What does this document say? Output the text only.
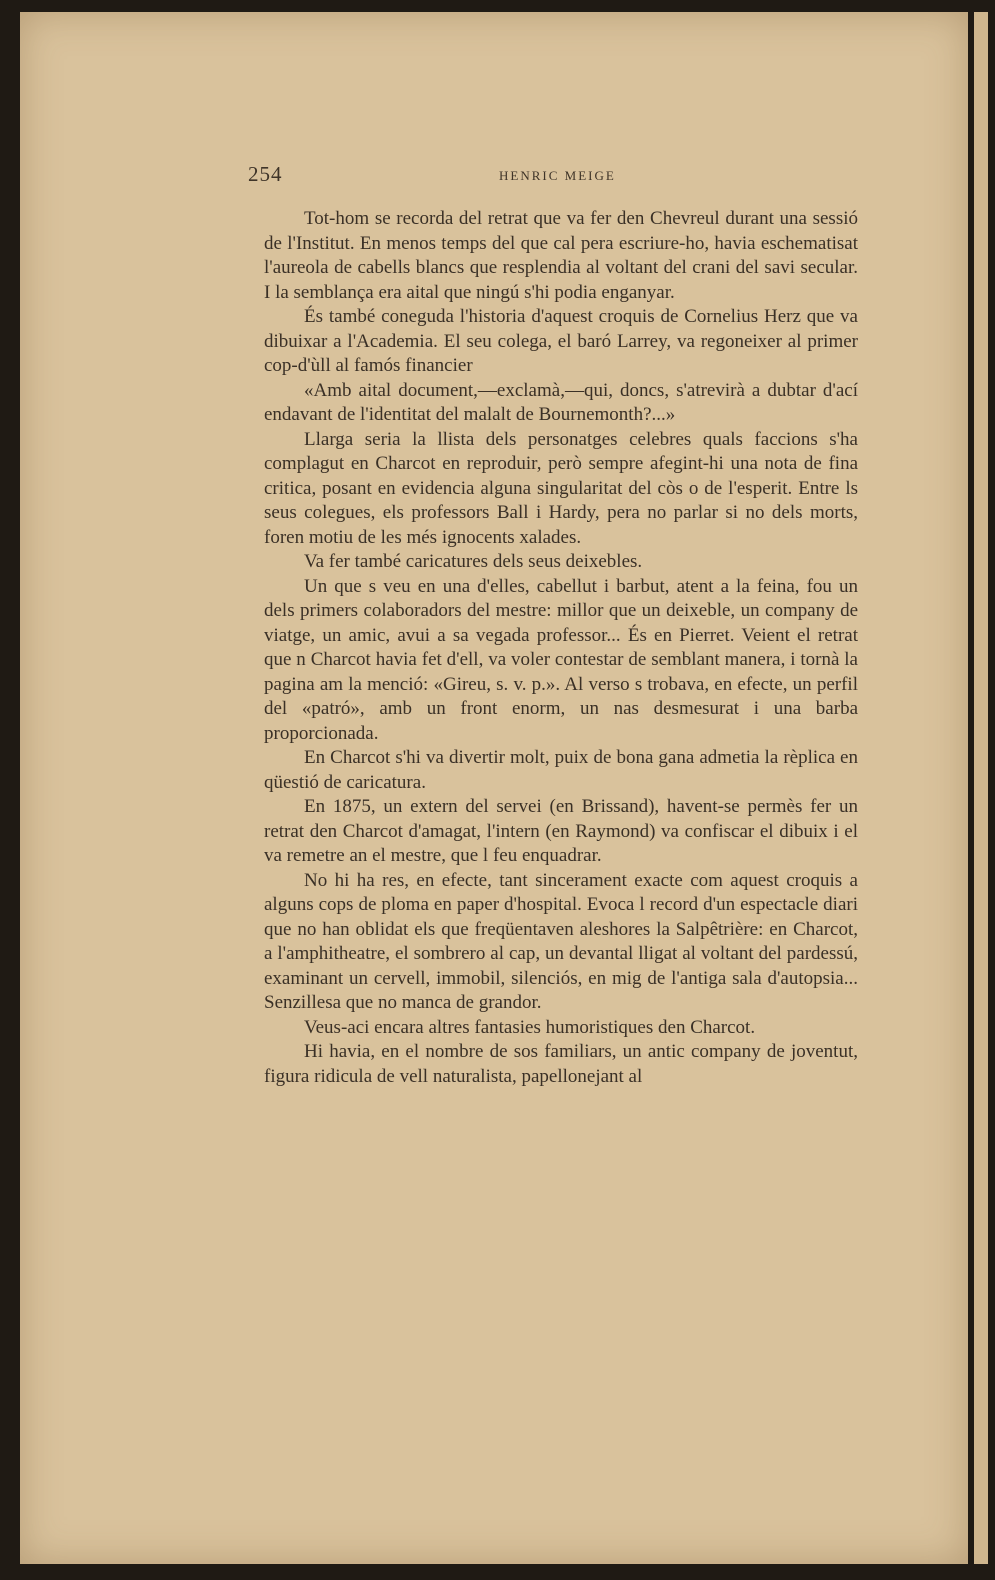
254	HENRIC MEIGE

Tot-hom se recorda del retrat que va fer den Chevreul durant una sessió de l'Institut. En menos temps del que cal pera escriure-ho, havia eschematisat l'aureola de cabells blancs que resplendia al voltant del crani del savi secular. I la semblança era aital que ningú s'hi podia enganyar.

És també coneguda l'historia d'aquest croquis de Cornelius Herz que va dibuixar a l'Academia. El seu colega, el baró Larrey, va regoneixer al primer cop-d'ùll al famós financier

«Amb aital document,—exclamà,—qui, doncs, s'atrevirà a dubtar d'ací endavant de l'identitat del malalt de Bournemonth?...»

Llarga seria la llista dels personatges celebres quals faccions s'ha complagut en Charcot en reproduir, però sempre afegint-hi una nota de fina critica, posant en evidencia alguna singularitat del còs o de l'esperit. Entre ls seus colegues, els professors Ball i Hardy, pera no parlar si no dels morts, foren motiu de les més ignocents xalades.

Va fer també caricatures dels seus deixebles.

Un que s veu en una d'elles, cabellut i barbut, atent a la feina, fou un dels primers colaboradors del mestre: millor que un deixeble, un company de viatge, un amic, avui a sa vegada professor... És en Pierret. Veient el retrat que n Charcot havia fet d'ell, va voler contestar de semblant manera, i tornà la pagina am la menció: «Gireu, s. v. p.». Al verso s trobava, en efecte, un perfil del «patró», amb un front enorm, un nas desmesurat i una barba proporcionada.

En Charcot s'hi va divertir molt, puix de bona gana admetia la rèplica en qüestió de caricatura.

En 1875, un extern del servei (en Brissand), havent-se permès fer un retrat den Charcot d'amagat, l'intern (en Raymond) va confiscar el dibuix i el va remetre an el mestre, que l feu enquadrar.

No hi ha res, en efecte, tant sincerament exacte com aquest croquis a alguns cops de ploma en paper d'hospital. Evoca l record d'un espectacle diari que no han oblidat els que freqüentaven aleshores la Salpêtrière: en Charcot, a l'amphitheatre, el sombrero al cap, un devantal lligat al voltant del pardessú, examinant un cervell, immobil, silenciós, en mig de l'antiga sala d'autopsia... Senzillesa que no manca de grandor.

Veus-aci encara altres fantasies humoristiques den Charcot.

Hi havia, en el nombre de sos familiars, un antic company de joventut, figura ridicula de vell naturalista, papellonejant al
